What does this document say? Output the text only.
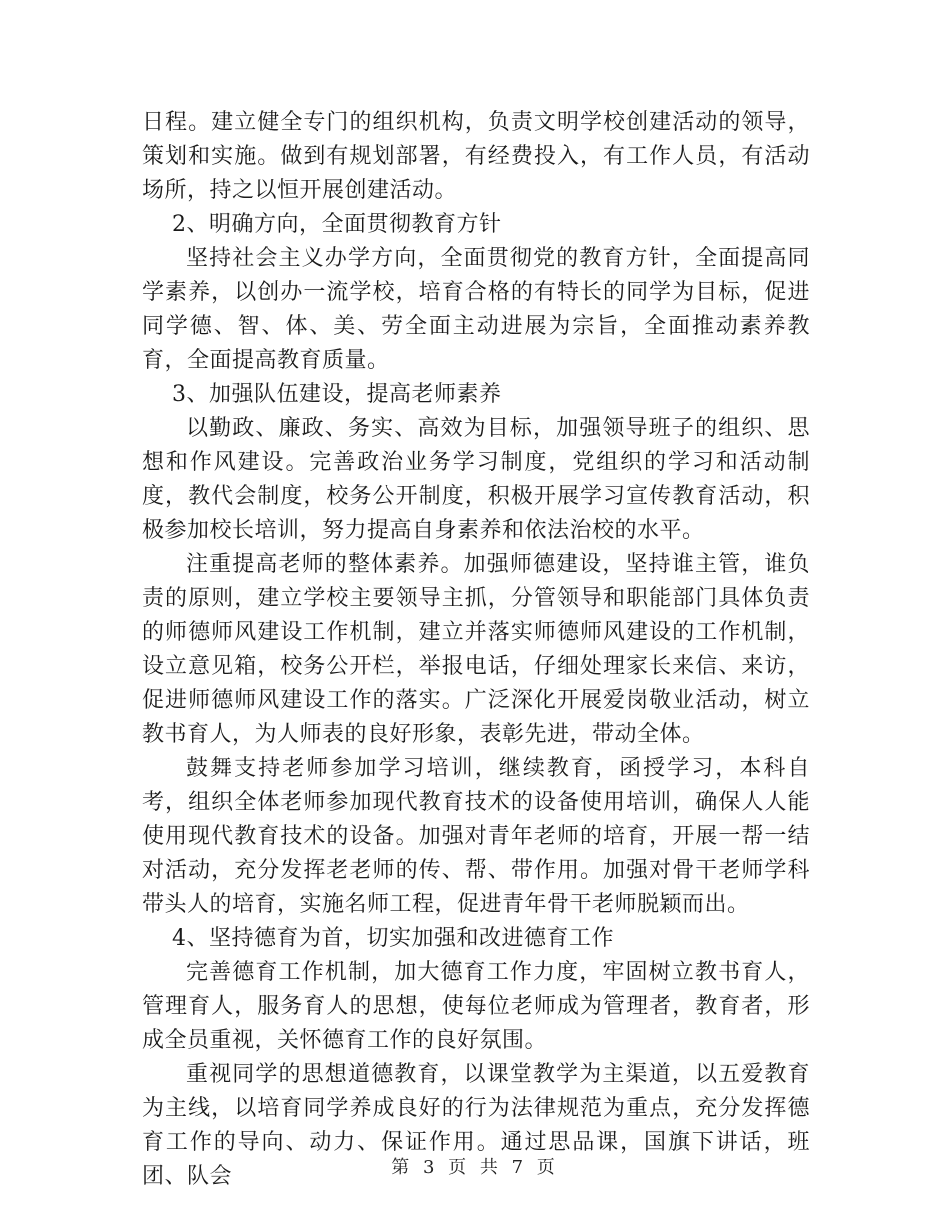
日程。建立健全专门的组织机构，负责文明学校创建活动的领导，策划和实施。做到有规划部署，有经费投入，有工作人员，有活动场所，持之以恒开展创建活动。

2、明确方向，全面贯彻教育方针

坚持社会主义办学方向，全面贯彻党的教育方针，全面提高同学素养，以创办一流学校，培育合格的有特长的同学为目标，促进同学德、智、体、美、劳全面主动进展为宗旨，全面推动素养教育，全面提高教育质量。

3、加强队伍建设，提高老师素养

以勤政、廉政、务实、高效为目标，加强领导班子的组织、思想和作风建设。完善政治业务学习制度，党组织的学习和活动制度，教代会制度，校务公开制度，积极开展学习宣传教育活动，积极参加校长培训，努力提高自身素养和依法治校的水平。

注重提高老师的整体素养。加强师德建设，坚持谁主管，谁负责的原则，建立学校主要领导主抓，分管领导和职能部门具体负责的师德师风建设工作机制，建立并落实师德师风建设的工作机制，设立意见箱，校务公开栏，举报电话，仔细处理家长来信、来访，促进师德师风建设工作的落实。广泛深化开展爱岗敬业活动，树立教书育人，为人师表的良好形象，表彰先进，带动全体。

鼓舞支持老师参加学习培训，继续教育，函授学习，本科自考，组织全体老师参加现代教育技术的设备使用培训，确保人人能使用现代教育技术的设备。加强对青年老师的培育，开展一帮一结对活动，充分发挥老老师的传、帮、带作用。加强对骨干老师学科带头人的培育，实施名师工程，促进青年骨干老师脱颖而出。

4、坚持德育为首，切实加强和改进德育工作

完善德育工作机制，加大德育工作力度，牢固树立教书育人，管理育人，服务育人的思想，使每位老师成为管理者，教育者，形成全员重视，关怀德育工作的良好氛围。

重视同学的思想道德教育，以课堂教学为主渠道，以五爱教育为主线，以培育同学养成良好的行为法律规范为重点，充分发挥德育工作的导向、动力、保证作用。通过思品课，国旗下讲话，班团、队会	第 3 页 共 7 页
